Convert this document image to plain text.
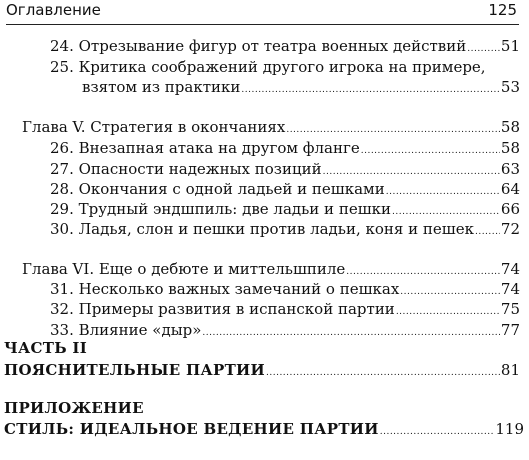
Оглавление	125
24. Отрезывание фигур от театра военных действий ..... 51
25. Критика соображений другого игрока на примере,
взятом из практики .....	53
Глава V. Стратегия в окончаниях .....	58
26. Внезапная атака на другом фланге .....	58
27. Опасности надежных позиций .....	63
28. Окончания с одной ладьей и пешками .....	64
29. Трудный эндшпиль: две ладьи и пешки .....	66
30. Ладья, слон и пешки против ладьи, коня и пешек ..... 72
Глава VI. Еще о дебюте и миттельшпиле .....	74
31. Несколько важных замечаний о пешках .....	74
32. Примеры развития в испанской партии .....	75
33. Влияние «дыр» .....	77
ЧАСТЬ II
ПОЯСНИТЕЛЬНЫЕ ПАРТИИ .....	81
ПРИЛОЖЕНИЕ
СТИЛЬ: ИДЕАЛЬНОЕ ВЕДЕНИЕ ПАРТИИ .....	119
